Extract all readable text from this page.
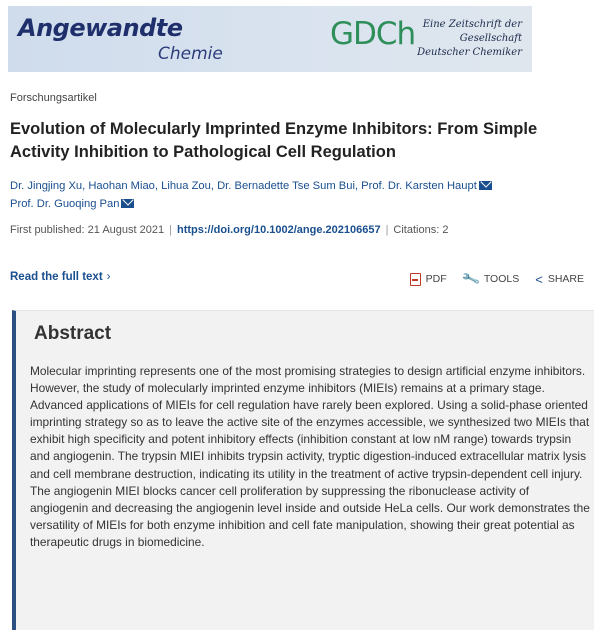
Angewandte
Chemie
GDCh Eine Zeitschrift der
Gesellschaft
Deutscher Chemiker
Forschungsartikel
Evolution of Molecularly Imprinted Enzyme Inhibitors: From Simple Activity Inhibition to Pathological Cell Regulation
Dr. Jingjing Xu, Haohan Miao, Lihua Zou, Dr. Bernadette Tse Sum Bui, Prof. Dr. Karsten Haupt
Prof. Dr. Guoqing Pan
First published: 21 August 2021 | https://doi.org/10.1002/ange.202106657 | Citations: 2
Read the full text ›	PDF 🔧 TOOLS < SHARE
Abstract

Molecular imprinting represents one of the most promising strategies to design artificial enzyme inhibitors. However, the study of molecularly imprinted enzyme inhibitors (MIEIs) remains at a primary stage. Advanced applications of MIEIs for cell regulation have rarely been explored. Using a solid-phase oriented imprinting strategy so as to leave the active site of the enzymes accessible, we synthesized two MIEIs that exhibit high specificity and potent inhibitory effects (inhibition constant at low nM range) towards trypsin and angiogenin. The trypsin MIEI inhibits trypsin activity, tryptic digestion-induced extracellular matrix lysis and cell membrane destruction, indicating its utility in the treatment of active trypsin-dependent cell injury. The angiogenin MIEI blocks cancer cell proliferation by suppressing the ribonuclease activity of angiogenin and decreasing the angiogenin level inside and outside HeLa cells. Our work demonstrates the versatility of MIEIs for both enzyme inhibition and cell fate manipulation, showing their great potential as therapeutic drugs in biomedicine.
